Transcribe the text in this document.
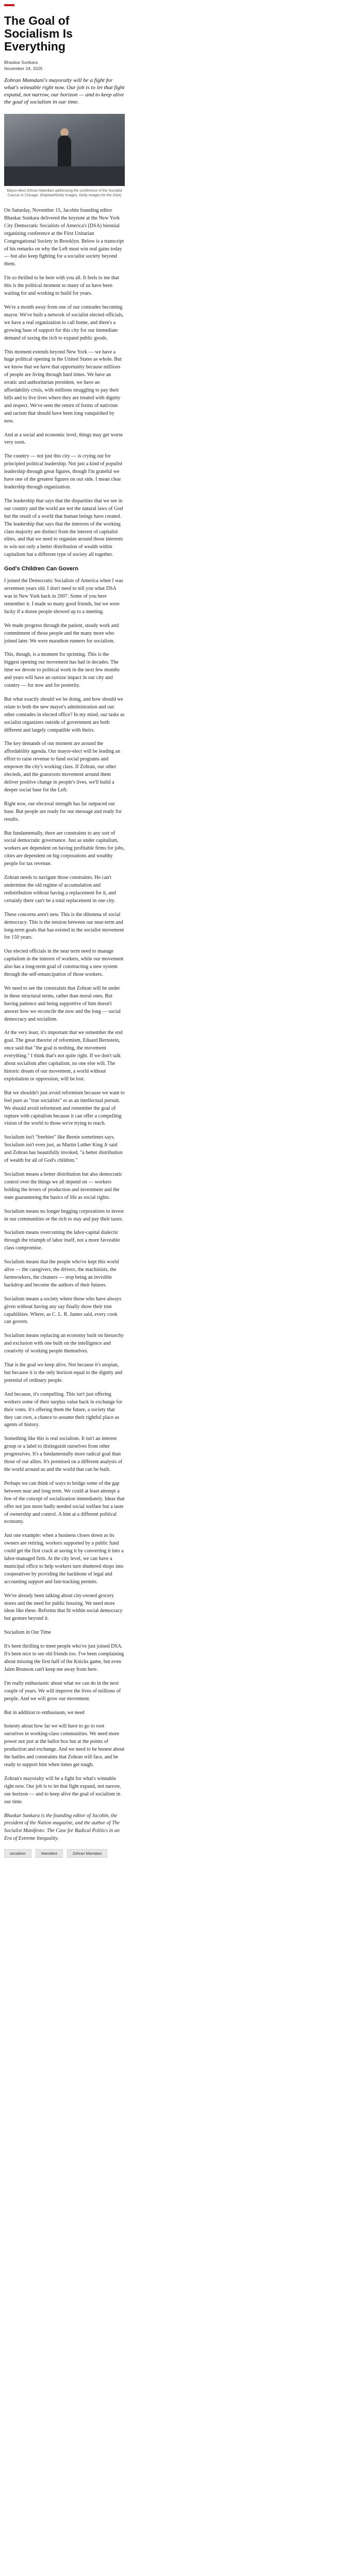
The Goal of Socialism Is Everything
Bhaskar Sunkara
November 24, 2025

Zohran Mamdani's mayoralty will be a fight for what's winnable right now. Our job is to let that fight expand, not narrow, our horizon — and to keep alive the goal of socialism in our time.

Mayor-elect Zohran Mamdani addressing the conference of the Socialist Caucus in Chicago. (Raphael/Getty Images, Getty Images for the DSA)

On Saturday, November 15, Jacobin founding editor Bhaskar Sunkara delivered the keynote at the New York City Democratic Socialists of America's (DSA) biennial organizing conference at the First Unitarian Congregational Society in Brooklyn. Below is a transcript of his remarks on why the Left must win real gains today — but also keep fighting for a socialist society beyond them.

I'm so thrilled to be here with you all. It feels to me that this is the political moment so many of us have been waiting for and working to build for years.

We're a month away from one of our comrades becoming mayor. We've built a network of socialist elected officials, we have a real organization to call home, and there's a growing base of support for this city for our immediate demand of taxing the rich to expand public goods.

This moment extends beyond New York — we have a huge political opening in the United States as whole. But we know that we have that opportunity because millions of people are living through hard times. We have an erratic and authoritarian president, we have an affordability crisis, with millions struggling to pay their bills and to live lives where they are treated with dignity and respect. We've seen the return of forms of nativism and racism that should have been long vanquished by now.

And at a social and economic level, things may get worse very soon.

The country — not just this city — is crying out for principled political leadership. Not just a kind of populist leadership through great figures, though I'm grateful we have one of the greatest figures on our side. I mean clear leadership through organization.

The leadership that says that the disparities that we see in our country and the world are not the natural laws of God but the result of a world that human beings have created. The leadership that says that the interests of the working class majority are distinct from the interest of capitalist elites, and that we need to organize around those interests to win not only a better distribution of wealth within capitalism but a different type of society all together.

God's Children Can Govern

I joined the Democratic Socialists of America when I was seventeen years old. I don't need to tell you what DSA was in New York back in 2007. Some of you here remember it. I made so many good friends, but we were lucky if a dozen people showed up to a meeting.

We made progress through the patient, steady work and commitment of those people and the many more who joined later. We were marathon runners for socialism.

This, though, is a moment for sprinting. This is the biggest opening our movement has had in decades. The time we devote to political work in the next few months and years will have an outsize impact in our city and country — for now and for posterity.

But what exactly should we be doing, and how should we relate to both the new mayor's administration and our other comrades in elected office? In my mind, our tasks as socialist organizers outside of government are both different and largely compatible with theirs.

The key demands of our moment are around the affordability agenda. Our mayor-elect will be leading an effort to raise revenue to fund social programs and empower the city's working class. If Zohran, our other electeds, and the grassroots movement around them deliver positive change in people's lives, we'll build a deeper social base for the Left.

Right now, our electoral strength has far outpaced our base. But people are ready for our message and ready for results.

But fundamentally, there are constraints to any sort of social democratic governance. Just as under capitalism, workers are dependent on having profitable firms for jobs, cities are dependent on big corporations and wealthy people for tax revenue.

Zohran needs to navigate those constraints. He can't undermine the old regime of accumulation and redistribution without having a replacement for it, and certainly there can't be a total replacement in one city.

These concerns aren't new. This is the dilemma of social democracy. This is the tension between our near-term and long-term goals that has existed in the socialist movement for 150 years.

Our elected officials in the near term need to manage capitalism in the interest of workers, while our movement also has a long-term goal of constructing a new system through the self-emancipation of those workers.

We need to see the constraints that Zohran will be under in these structural terms, rather than moral ones. But having patience and being supportive of him doesn't answer how we reconcile the now and the long — social democracy and socialism.

At the very least, it's important that we remember the end goal. The great theorist of reformism, Eduard Bernstein, once said that "the goal is nothing, the movement everything." I think that's not quite right. If we don't talk about socialism after capitalism, no one else will. The historic dream of our movement, a world without exploitation or oppression, will be lost.

But we shouldn't just avoid reformism because we want to feel pure as "true socialists" or as an intellectual pursuit. We should avoid reformism and remember the goal of rupture with capitalism because it can offer a compelling vision of the world to those we're trying to reach.

Socialism isn't "freebies" like Bernie sometimes says. Socialism isn't even just, as Martin Luther King Jr said and Zohran has beautifully invoked, "a better distribution of wealth for all of God's children."

Socialism means a better distribution but also democratic control over the things we all depend on — workers holding the levers of production and investment and the state guaranteeing the basics of life as social rights.

Socialism means no longer begging corporations to invest in our communities or the rich to stay and pay their taxes.

Socialism means overcoming the labor-capital dialectic through the triumph of labor itself, not a more favorable class compromise.

Socialism means that the people who've kept this world alive — the caregivers, the drivers, the machinists, the farmworkers, the cleaners — stop being an invisible backdrop and become the authors of their futures.

Socialism means a society where those who have always given without having any say finally show their true capabilities. Where, as C. L. R. James said, every cook can govern.

Socialism means replacing an economy built on hierarchy and exclusion with one built on the intelligence and creativity of working people themselves.

That is the goal we keep alive. Not because it's utopian, but because it is the only horizon equal to the dignity and potential of ordinary people.

And because, it's compelling. This isn't just offering workers some of their surplus value back in exchange for their votes. It's offering them the future, a society that they can own, a chance to assume their rightful place as agents of history.

Something like this is real socialism. It isn't an interest group or a label to distinguish ourselves from other progressives. It's a fundamentally more radical goal than those of our allies. It's premised on a different analysis of the world around us and the world that can be built.

Perhaps we can think of ways to bridge some of the gap between near and long term. We could at least attempt a few of the concept of socialization immediately. Ideas that offer not just more badly needed social welfare but a taste of ownership and control. A hint at a different political economy.

Just one example: when a business closes down as its owners are retiring, workers supported by a public fund could get the first crack at saving it by converting it into a labor-managed firm. At the city level, we can have a municipal office to help workers turn shuttered shops into cooperatives by providing the backbone of legal and accounting support and fast-tracking permits.

We've already been talking about city-owned grocery stores and the need for public housing. We need more ideas like these. Reforms that fit within social democracy but gesture beyond it.

Socialism in Our Time

It's been thrilling to meet people who've just joined DSA. It's been nice to see old friends too. I've been complaining about missing the first half of the Knicks game, but even Jalen Brunson can't keep me away from here.

I'm really enthusiastic about what we can do in the next couple of years. We will improve the lives of millions of people. And we will grow our movement.

But in addition to enthusiasm, we need

honesty about how far we will have to go to root ourselves in working-class communities. We need more power not just at the ballot box but at the points of production and exchange. And we need to be honest about the battles and constraints that Zohran will face, and be ready to support him when times get tough.

Zohran's mayoralty will be a fight for what's winnable right now. Our job is to let that fight expand, not narrow, our horizon — and to keep alive the goal of socialism in our time.

Bhaskar Sunkara is the founding editor of Jacobin, the president of the Nation magazine, and the author of The Socialist Manifesto: The Case for Radical Politics in an Era of Extreme Inequality.

socialism	Mamdani	Zohran Mamdani
